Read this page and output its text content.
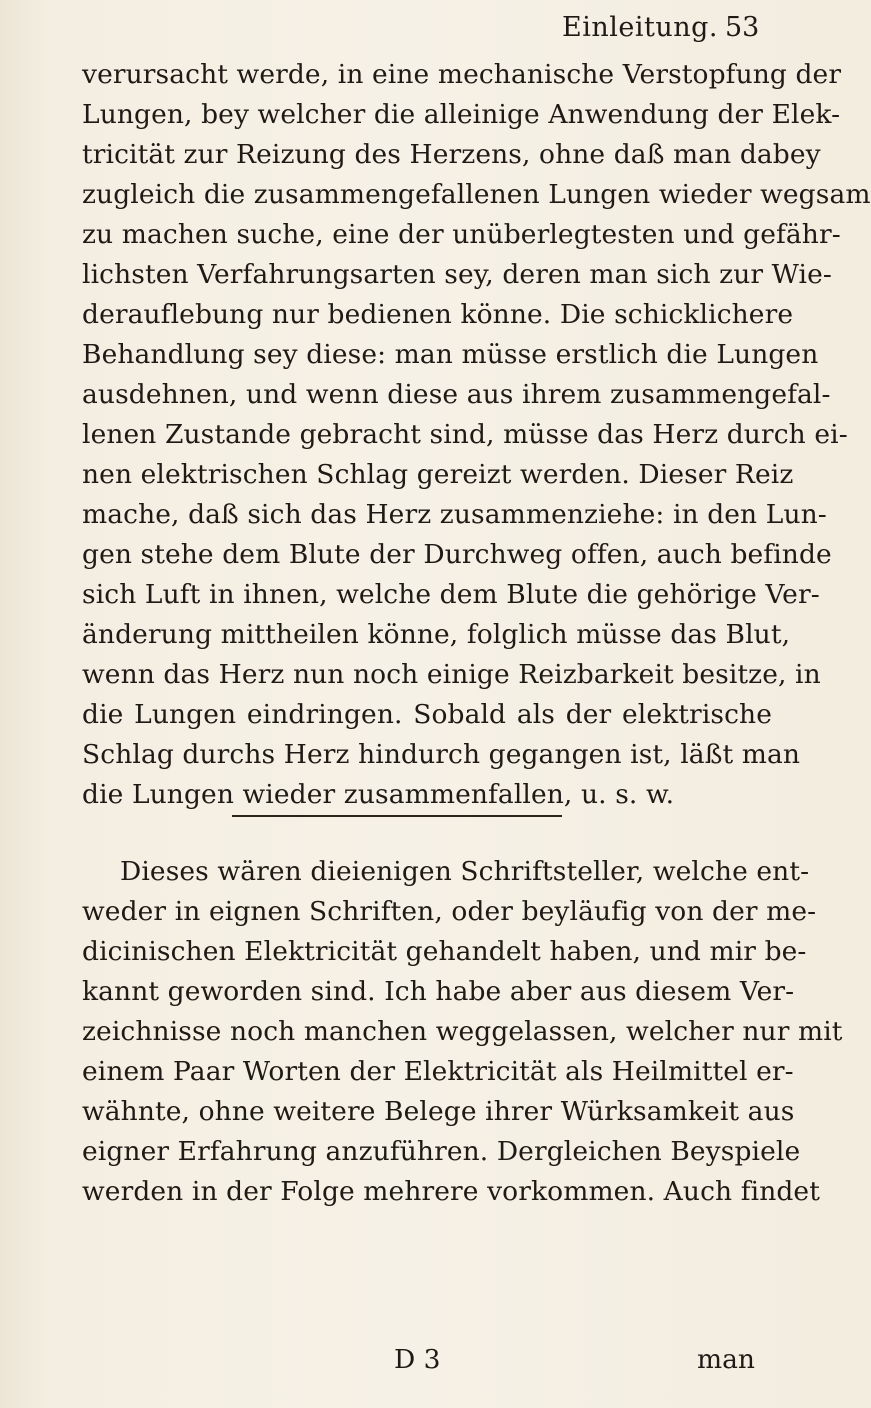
Einleitung. 53
verursacht werde, in eine mechanische Verstopfung der
Lungen, bey welcher die alleinige Anwendung der Elek-
tricität zur Reizung des Herzens, ohne daß man dabey
zugleich die zusammengefallenen Lungen wieder wegsam
zu machen suche, eine der unüberlegtesten und gefähr-
lichsten Verfahrungsarten sey, deren man sich zur Wie-
derauflebung nur bedienen könne. Die schicklichere
Behandlung sey diese: man müsse erstlich die Lungen
ausdehnen, und wenn diese aus ihrem zusammengefal-
lenen Zustande gebracht sind, müsse das Herz durch ei-
nen elektrischen Schlag gereizt werden. Dieser Reiz
mache, daß sich das Herz zusammenziehe: in den Lun-
gen stehe dem Blute der Durchweg offen, auch befinde
sich Luft in ihnen, welche dem Blute die gehörige Ver-
änderung mittheilen könne, folglich müsse das Blut,
wenn das Herz nun noch einige Reizbarkeit besitze, in
die Lungen eindringen. Sobald als der elektrische
Schlag durchs Herz hindurch gegangen ist, läßt man
die Lungen wieder zusammenfallen, u. s. w.
Dieses wären dieienigen Schriftsteller, welche ent-
weder in eignen Schriften, oder beyläufig von der me-
dicinischen Elektricität gehandelt haben, und mir be-
kannt geworden sind. Ich habe aber aus diesem Ver-
zeichnisse noch manchen weggelassen, welcher nur mit
einem Paar Worten der Elektricität als Heilmittel er-
wähnte, ohne weitere Belege ihrer Würksamkeit aus
eigner Erfahrung anzuführen. Dergleichen Beyspiele
werden in der Folge mehrere vorkommen. Auch findet
D 3	man
